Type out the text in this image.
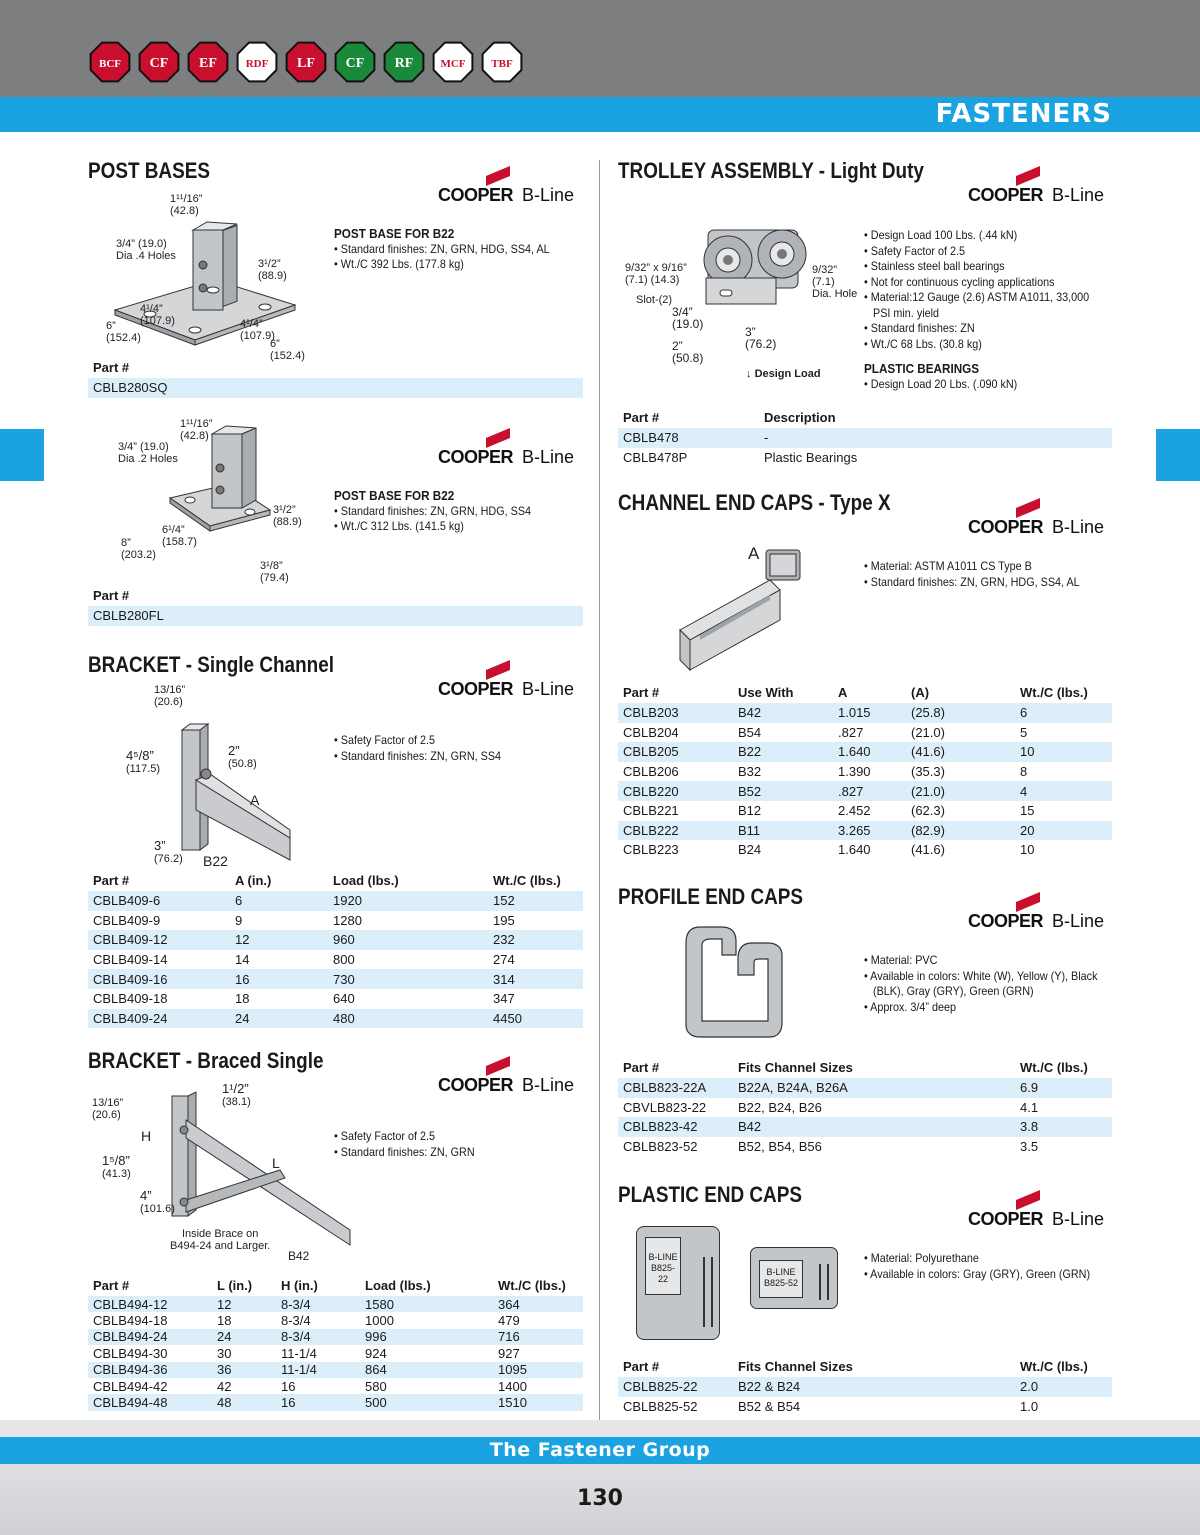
BCF CF EF	RDF LF CF RF MCF TBF
FASTENERS
POST BASES
COOPER B-Line
1¹¹/16”
(42.8)
3/4” (19.0)
Dia .4 Holes
3¹/2”
(88.9)
4¹/4”
(107.9)	4¹/4”
(107.9)
6”
(152.4)	6”
(152.4)
POST BASE FOR B22
• Standard finishes: ZN, GRN, HDG, SS4, AL
• Wt./C 392 Lbs. (177.8 kg)
Part #
CBLB280SQ
COOPER B-Line
1¹¹/16”
(42.8)
3/4” (19.0)
Dia .2 Holes
3¹/2”
(88.9)
6¹/4”
(158.7)
8”
(203.2)
3¹/8”
(79.4)
POST BASE FOR B22
• Standard finishes: ZN, GRN, HDG, SS4
• Wt./C 312 Lbs. (141.5 kg)
Part #
CBLB280FL
BRACKET - Single Channel
COOPER B-Line
13/16”
(20.6)
4⁵/8”
(117.5)
2”
(50.8)
A
3”
(76.2) B22
• Safety Factor of 2.5
• Standard finishes: ZN, GRN, SS4
Part #	A (in.)	Load (lbs.)	Wt./C (lbs.)
CBLB409-6	6	1920	152
CBLB409-9	9	1280	195
CBLB409-12	12	960	232
CBLB409-14	14	800	274
CBLB409-16	16	730	314
CBLB409-18	18	640	347
CBLB409-24	24	480	4450
BRACKET - Braced Single
COOPER B-Line
13/16”
(20.6)
1¹/2”
(38.1)
H
1⁵/8”
(41.3)
L
4”
(101.6)
Inside Brace on
B494-24 and Larger.
B42
• Safety Factor of 2.5
• Standard finishes: ZN, GRN
Part #	L (in.)	H (in.)	Load (lbs.)	Wt./C (lbs.)
CBLB494-12	12	8-3/4	1580	364
CBLB494-18	18	8-3/4	1000	479
CBLB494-24	24	8-3/4	996	716
CBLB494-30	30	11-1/4	924	927
CBLB494-36	36	11-1/4	864	1095
CBLB494-42	42	16	580	1400
CBLB494-48	48	16	500	1510
TROLLEY ASSEMBLY - Light Duty
COOPER B-Line
9/32” x 9/16”
(7.1) (14.3)
Slot-(2)
9/32”
(7.1)
Dia. Hole
3/4”
(19.0)
2”
(50.8)
3”
(76.2)
↓ Design Load
• Design Load 100 Lbs. (.44 kN)
• Safety Factor of 2.5
• Stainless steel ball bearings
• Not for continuous cycling applications
• Material:12 Gauge (2.6) ASTM A1011, 33,000
PSI min. yield
• Standard finishes: ZN
• Wt./C 68 Lbs. (30.8 kg)
PLASTIC BEARINGS
• Design Load 20 Lbs. (.090 kN)
Part #	Description
CBLB478	-
CBLB478P	Plastic Bearings
CHANNEL END CAPS - Type X
COOPER B-Line
A
• Material: ASTM A1011 CS Type B
• Standard finishes: ZN, GRN, HDG, SS4, AL
Part #	Use With	A	(A)	Wt./C (lbs.)
CBLB203	B42	1.015	(25.8)	6
CBLB204	B54	.827	(21.0)	5
CBLB205	B22	1.640	(41.6)	10
CBLB206	B32	1.390	(35.3)	8
CBLB220	B52	.827	(21.0)	4
CBLB221	B12	2.452	(62.3)	15
CBLB222	B11	3.265	(82.9)	20
CBLB223	B24	1.640	(41.6)	10
PROFILE END CAPS
COOPER B-Line
• Material: PVC
• Available in colors: White (W), Yellow (Y), Black
(BLK), Gray (GRY), Green (GRN)
• Approx. 3/4” deep
Part #	Fits Channel Sizes	Wt./C (lbs.)
CBLB823-22A	B22A, B24A, B26A	6.9
CBVLB823-22	B22, B24, B26	4.1
CBLB823-42	B42	3.8
CBLB823-52	B52, B54, B56	3.5
PLASTIC END CAPS
COOPER B-Line
B-LINE
B825-22
B-LINE
B825-52
• Material: Polyurethane
• Available in colors: Gray (GRY), Green (GRN)
Part #	Fits Channel Sizes	Wt./C (lbs.)
CBLB825-22	B22 & B24	2.0
CBLB825-52	B52 & B54	1.0
The Fastener Group
130
